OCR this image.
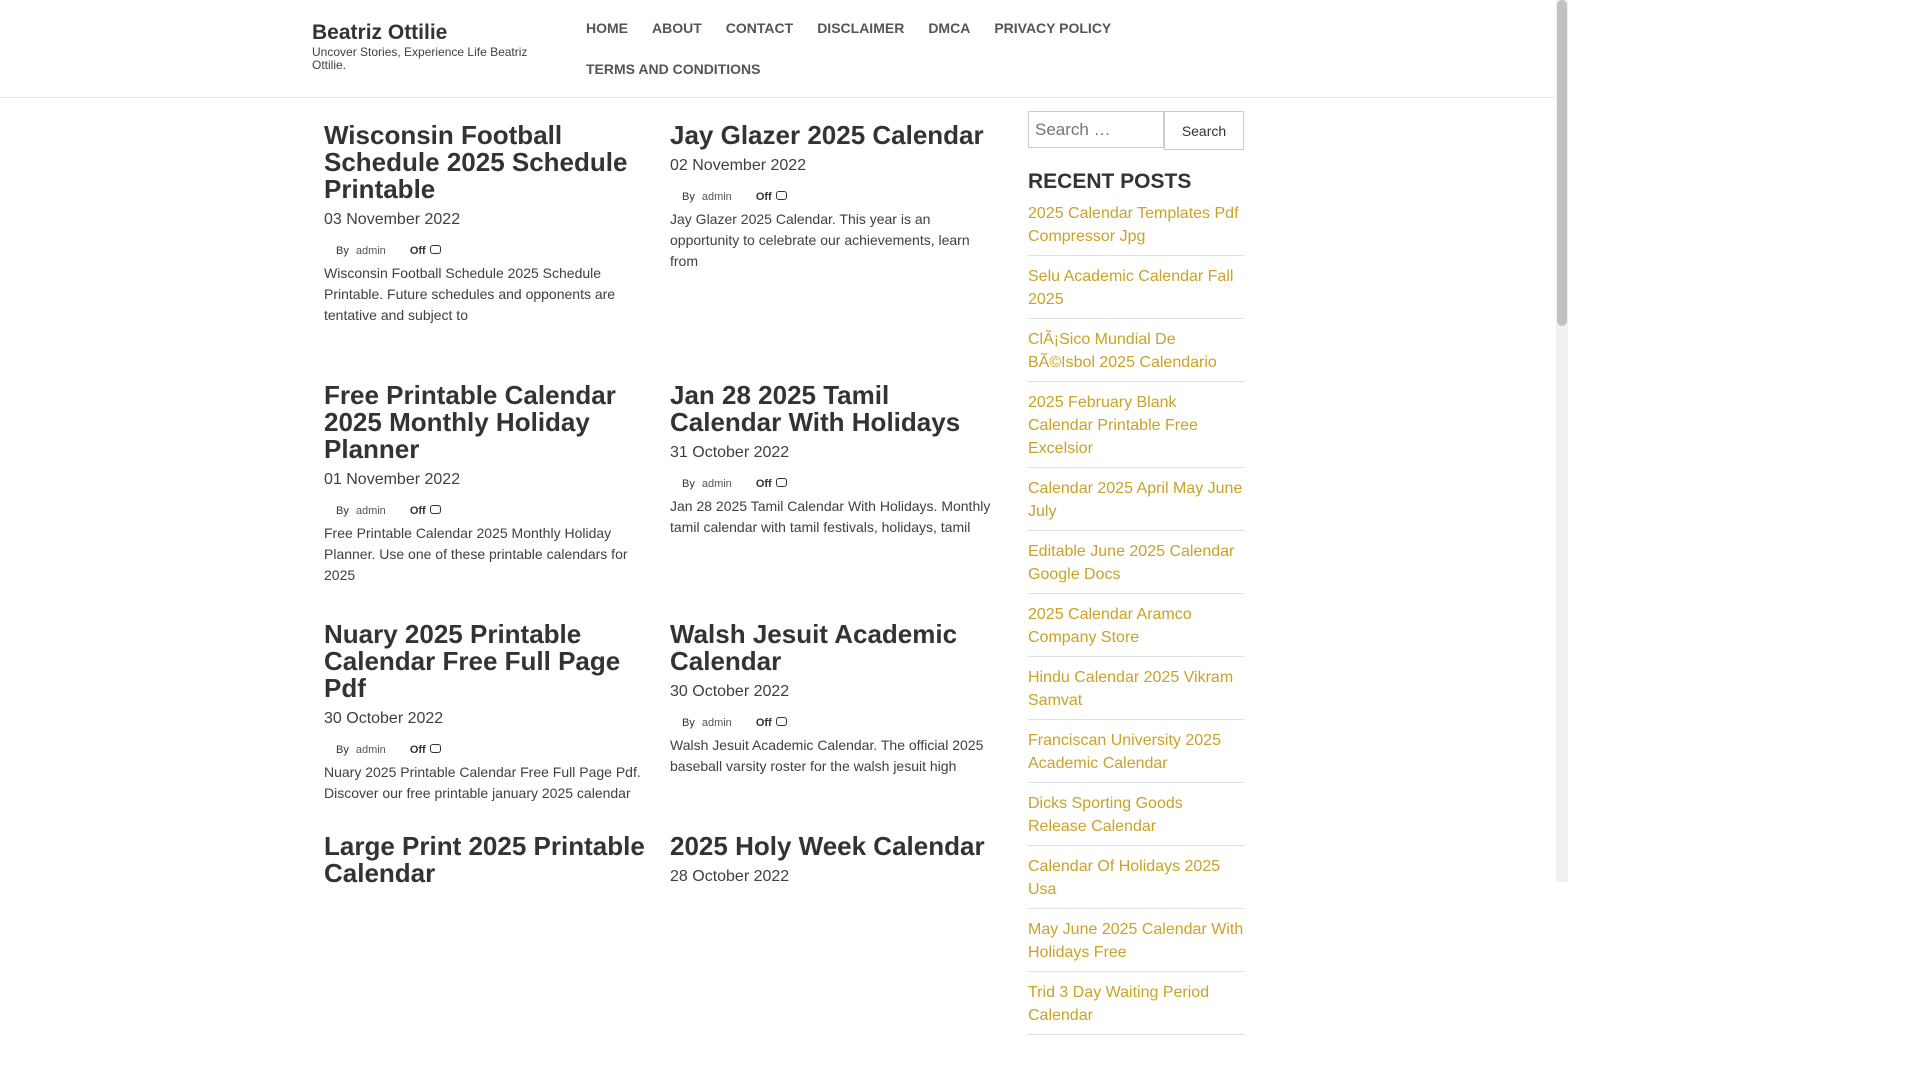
Beatriz Ottilie

Uncover Stories, Experience Life Beatriz Ottilie.

HOME	ABOUT	CONTACT	DISCLAIMER	DMCA	PRIVACY POLICY
TERMS AND CONDITIONS
Wisconsin Football Schedule 2025 Schedule Printable
03 November 2022
By admin Off
Wisconsin Football Schedule 2025 Schedule Printable. Future schedules and opponents are tentative and subject to
Jay Glazer 2025 Calendar
02 November 2022
By admin Off
Jay Glazer 2025 Calendar. This year is an opportunity to celebrate our achievements, learn from
Free Printable Calendar 2025 Monthly Holiday Planner
01 November 2022
By admin Off
Free Printable Calendar 2025 Monthly Holiday Planner. Use one of these printable calendars for 2025
Jan 28 2025 Tamil Calendar With Holidays
31 October 2022
By admin Off
Jan 28 2025 Tamil Calendar With Holidays. Monthly tamil calendar with tamil festivals, holidays, tamil
Nuary 2025 Printable Calendar Free Full Page Pdf
30 October 2022
By admin Off
Nuary 2025 Printable Calendar Free Full Page Pdf. Discover our free printable january 2025 calendar
Walsh Jesuit Academic Calendar
30 October 2022
By admin Off
Walsh Jesuit Academic Calendar. The official 2025 baseball varsity roster for the walsh jesuit high
Large Print 2025 Printable Calendar
2025 Holy Week Calendar
28 October 2022
Search …
Search
RECENT POSTS
2025 Calendar Templates Pdf Compressor Jpg
Selu Academic Calendar Fall 2025
ClÃ¡Sico Mundial De BÃ©Isbol 2025 Calendario
2025 February Blank Calendar Printable Free Excelsior
Calendar 2025 April May June July
Editable June 2025 Calendar Google Docs
2025 Calendar Aramco Company Store
Hindu Calendar 2025 Vikram Samvat
Franciscan University 2025 Academic Calendar
Dicks Sporting Goods Release Calendar
Calendar Of Holidays 2025 Usa
May June 2025 Calendar With Holidays Free
Trid 3 Day Waiting Period Calendar
